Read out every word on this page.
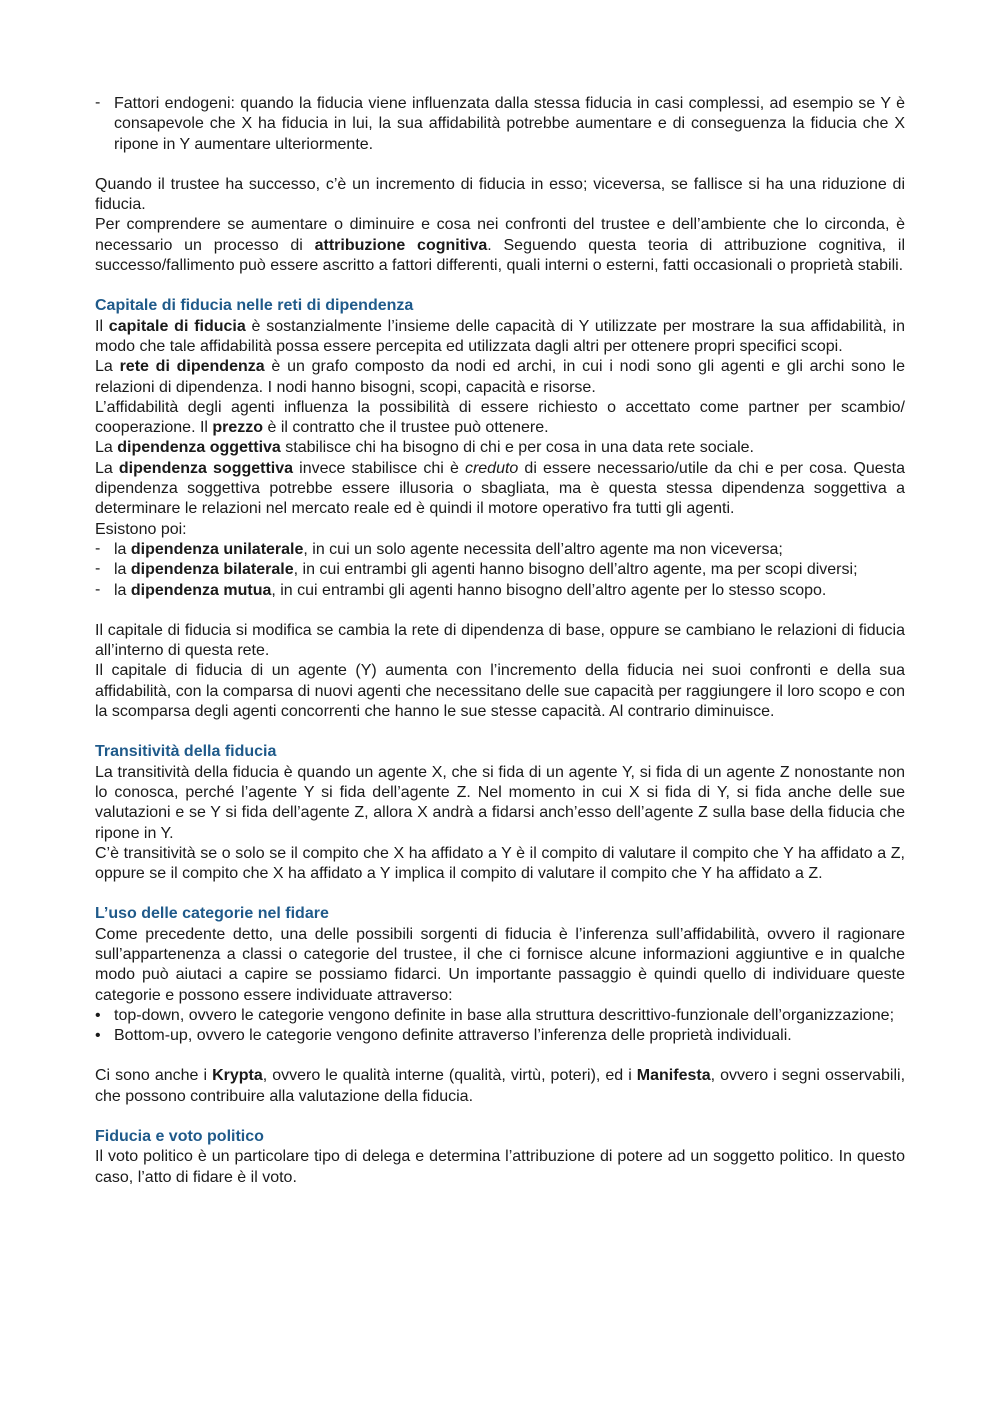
- Fattori endogeni: quando la fiducia viene influenzata dalla stessa fiducia in casi complessi, ad esempio se Y è consapevole che X ha fiducia in lui, la sua affidabilità potrebbe aumentare e di conseguenza la fiducia che X ripone in Y aumentare ulteriormente.

Quando il trustee ha successo, c’è un incremento di fiducia in esso; viceversa, se fallisce si ha una riduzione di fiducia.

Per comprendere se aumentare o diminuire e cosa nei confronti del trustee e dell’ambiente che lo circonda, è necessario un processo di attribuzione cognitiva. Seguendo questa teoria di attribuzione cognitiva, il successo/fallimento può essere ascritto a fattori differenti, quali interni o esterni, fatti occasionali o proprietà stabili.

Capitale di fiducia nelle reti di dipendenza

Il capitale di fiducia è sostanzialmente l’insieme delle capacità di Y utilizzate per mostrare la sua affidabilità, in modo che tale affidabilità possa essere percepita ed utilizzata dagli altri per ottenere propri specifici scopi.

La rete di dipendenza è un grafo composto da nodi ed archi, in cui i nodi sono gli agenti e gli archi sono le relazioni di dipendenza. I nodi hanno bisogni, scopi, capacità e risorse.

L’affidabilità degli agenti influenza la possibilità di essere richiesto o accettato come partner per scambio/ cooperazione. Il prezzo è il contratto che il trustee può ottenere.

La dipendenza oggettiva stabilisce chi ha bisogno di chi e per cosa in una data rete sociale.

La dipendenza soggettiva invece stabilisce chi è creduto di essere necessario/utile da chi e per cosa. Questa dipendenza soggettiva potrebbe essere illusoria o sbagliata, ma è questa stessa dipendenza soggettiva a determinare le relazioni nel mercato reale ed è quindi il motore operativo fra tutti gli agenti.

Esistono poi:

- la dipendenza unilaterale, in cui un solo agente necessita dell’altro agente ma non viceversa;
- la dipendenza bilaterale, in cui entrambi gli agenti hanno bisogno dell’altro agente, ma per scopi diversi;
- la dipendenza mutua, in cui entrambi gli agenti hanno bisogno dell’altro agente per lo stesso scopo.

Il capitale di fiducia si modifica se cambia la rete di dipendenza di base, oppure se cambiano le relazioni di fiducia all’interno di questa rete.

Il capitale di fiducia di un agente (Y) aumenta con l’incremento della fiducia nei suoi confronti e della sua affidabilità, con la comparsa di nuovi agenti che necessitano delle sue capacità per raggiungere il loro scopo e con la scomparsa degli agenti concorrenti che hanno le sue stesse capacità. Al contrario diminuisce.

Transitività della fiducia

La transitività della fiducia è quando un agente X, che si fida di un agente Y, si fida di un agente Z nonostante non lo conosca, perché l’agente Y si fida dell’agente Z. Nel momento in cui X si fida di Y, si fida anche delle sue valutazioni e se Y si fida dell’agente Z, allora X andrà a fidarsi anch’esso dell’agente Z sulla base della fiducia che ripone in Y.

C’è transitività se o solo se il compito che X ha affidato a Y è il compito di valutare il compito che Y ha affidato a Z, oppure se il compito che X ha affidato a Y implica il compito di valutare il compito che Y ha affidato a Z.

L’uso delle categorie nel fidare

Come precedente detto, una delle possibili sorgenti di fiducia è l’inferenza sull’affidabilità, ovvero il ragionare sull’appartenenza a classi o categorie del trustee, il che ci fornisce alcune informazioni aggiuntive e in qualche modo può aiutaci a capire se possiamo fidarci. Un importante passaggio è quindi quello di individuare queste categorie e possono essere individuate attraverso:

• top-down, ovvero le categorie vengono definite in base alla struttura descrittivo-funzionale dell’organizzazione;
• Bottom-up, ovvero le categorie vengono definite attraverso l’inferenza delle proprietà individuali.

Ci sono anche i Krypta, ovvero le qualità interne (qualità, virtù, poteri), ed i Manifesta, ovvero i segni osservabili, che possono contribuire alla valutazione della fiducia.

Fiducia e voto politico

Il voto politico è un particolare tipo di delega e determina l’attribuzione di potere ad un soggetto politico. In questo caso, l’atto di fidare è il voto.
